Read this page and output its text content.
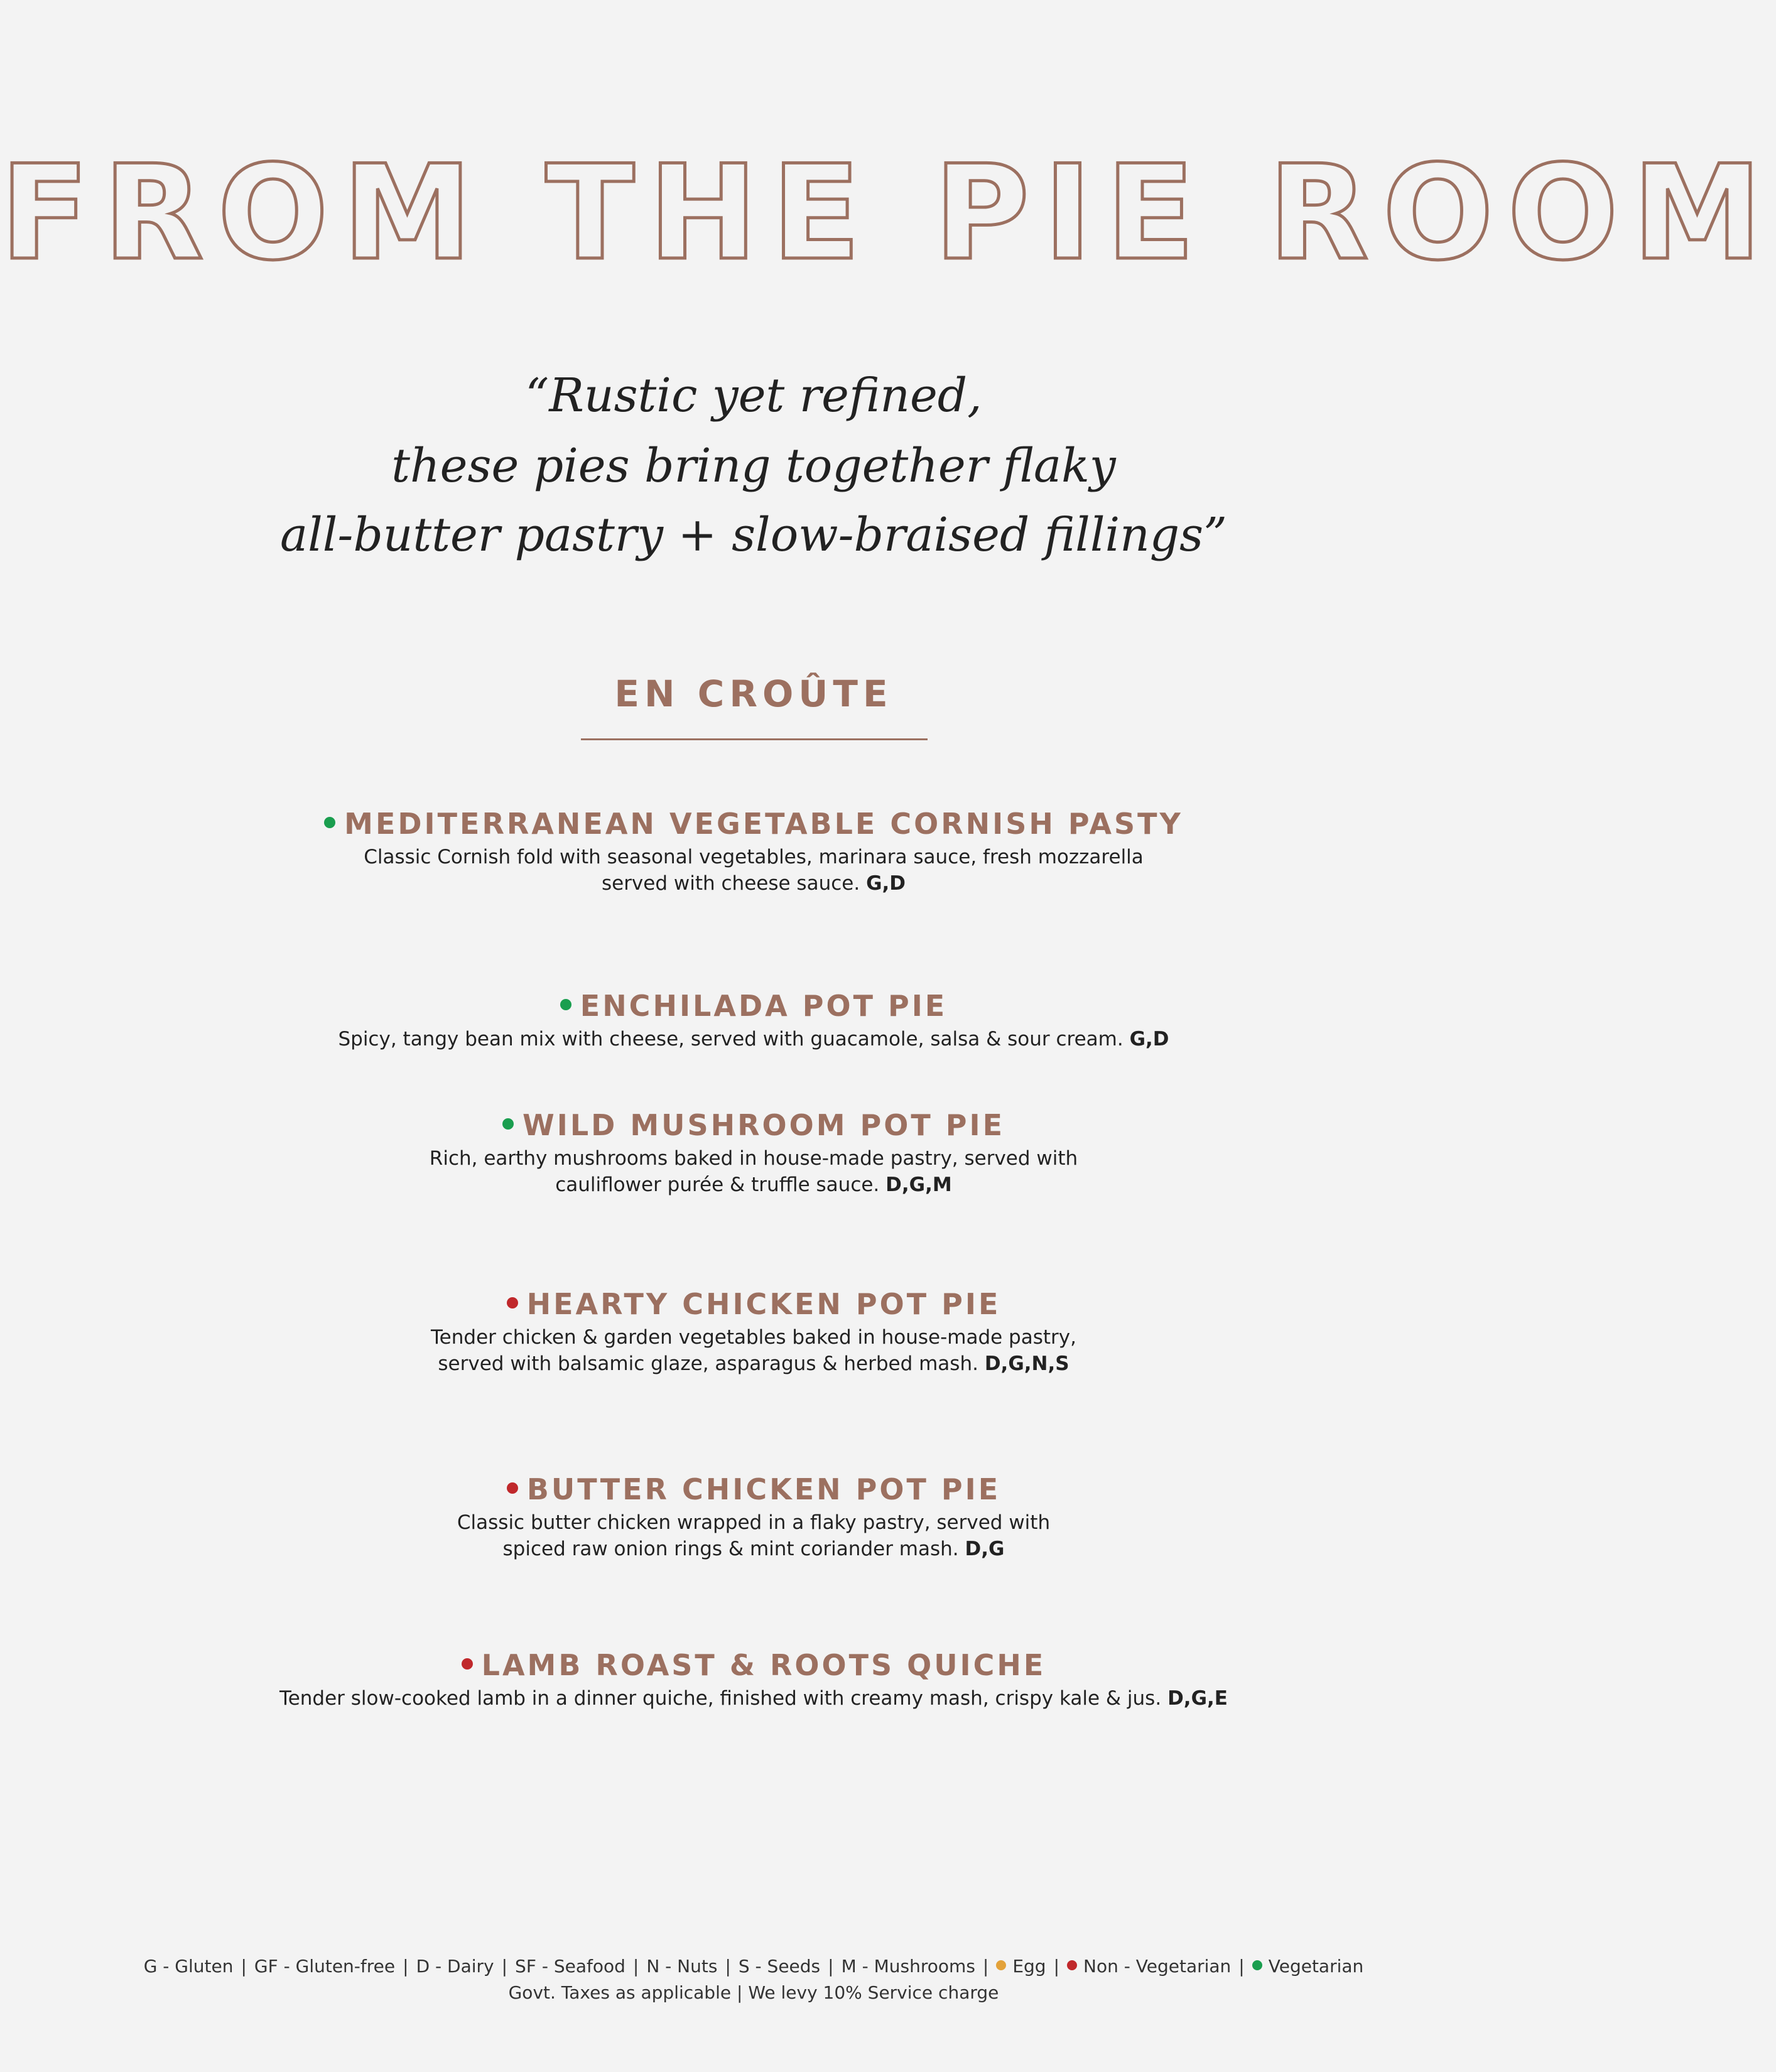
FROM THE PIE ROOM
“Rustic yet refined,
these pies bring together flaky
all-butter pastry + slow-braised fillings”
EN CROÛTE
MEDITERRANEAN VEGETABLE CORNISH PASTY
Classic Cornish fold with seasonal vegetables, marinara sauce, fresh mozzarella
served with cheese sauce. G,D
ENCHILADA POT PIE
Spicy, tangy bean mix with cheese, served with guacamole, salsa & sour cream. G,D
WILD MUSHROOM POT PIE
Rich, earthy mushrooms baked in house-made pastry, served with
cauliflower purée & truffle sauce. D,G,M
HEARTY CHICKEN POT PIE
Tender chicken & garden vegetables baked in house-made pastry,
served with balsamic glaze, asparagus & herbed mash. D,G,N,S
BUTTER CHICKEN POT PIE
Classic butter chicken wrapped in a flaky pastry, served with
spiced raw onion rings & mint coriander mash. D,G
LAMB ROAST & ROOTS QUICHE
Tender slow-cooked lamb in a dinner quiche, finished with creamy mash, crispy kale & jus. D,G,E
G - Gluten | GF - Gluten-free | D - Dairy | SF - Seafood | N - Nuts | S - Seeds | M - Mushrooms | Egg | Non - Vegetarian | Vegetarian
Govt. Taxes as applicable | We levy 10% Service charge
